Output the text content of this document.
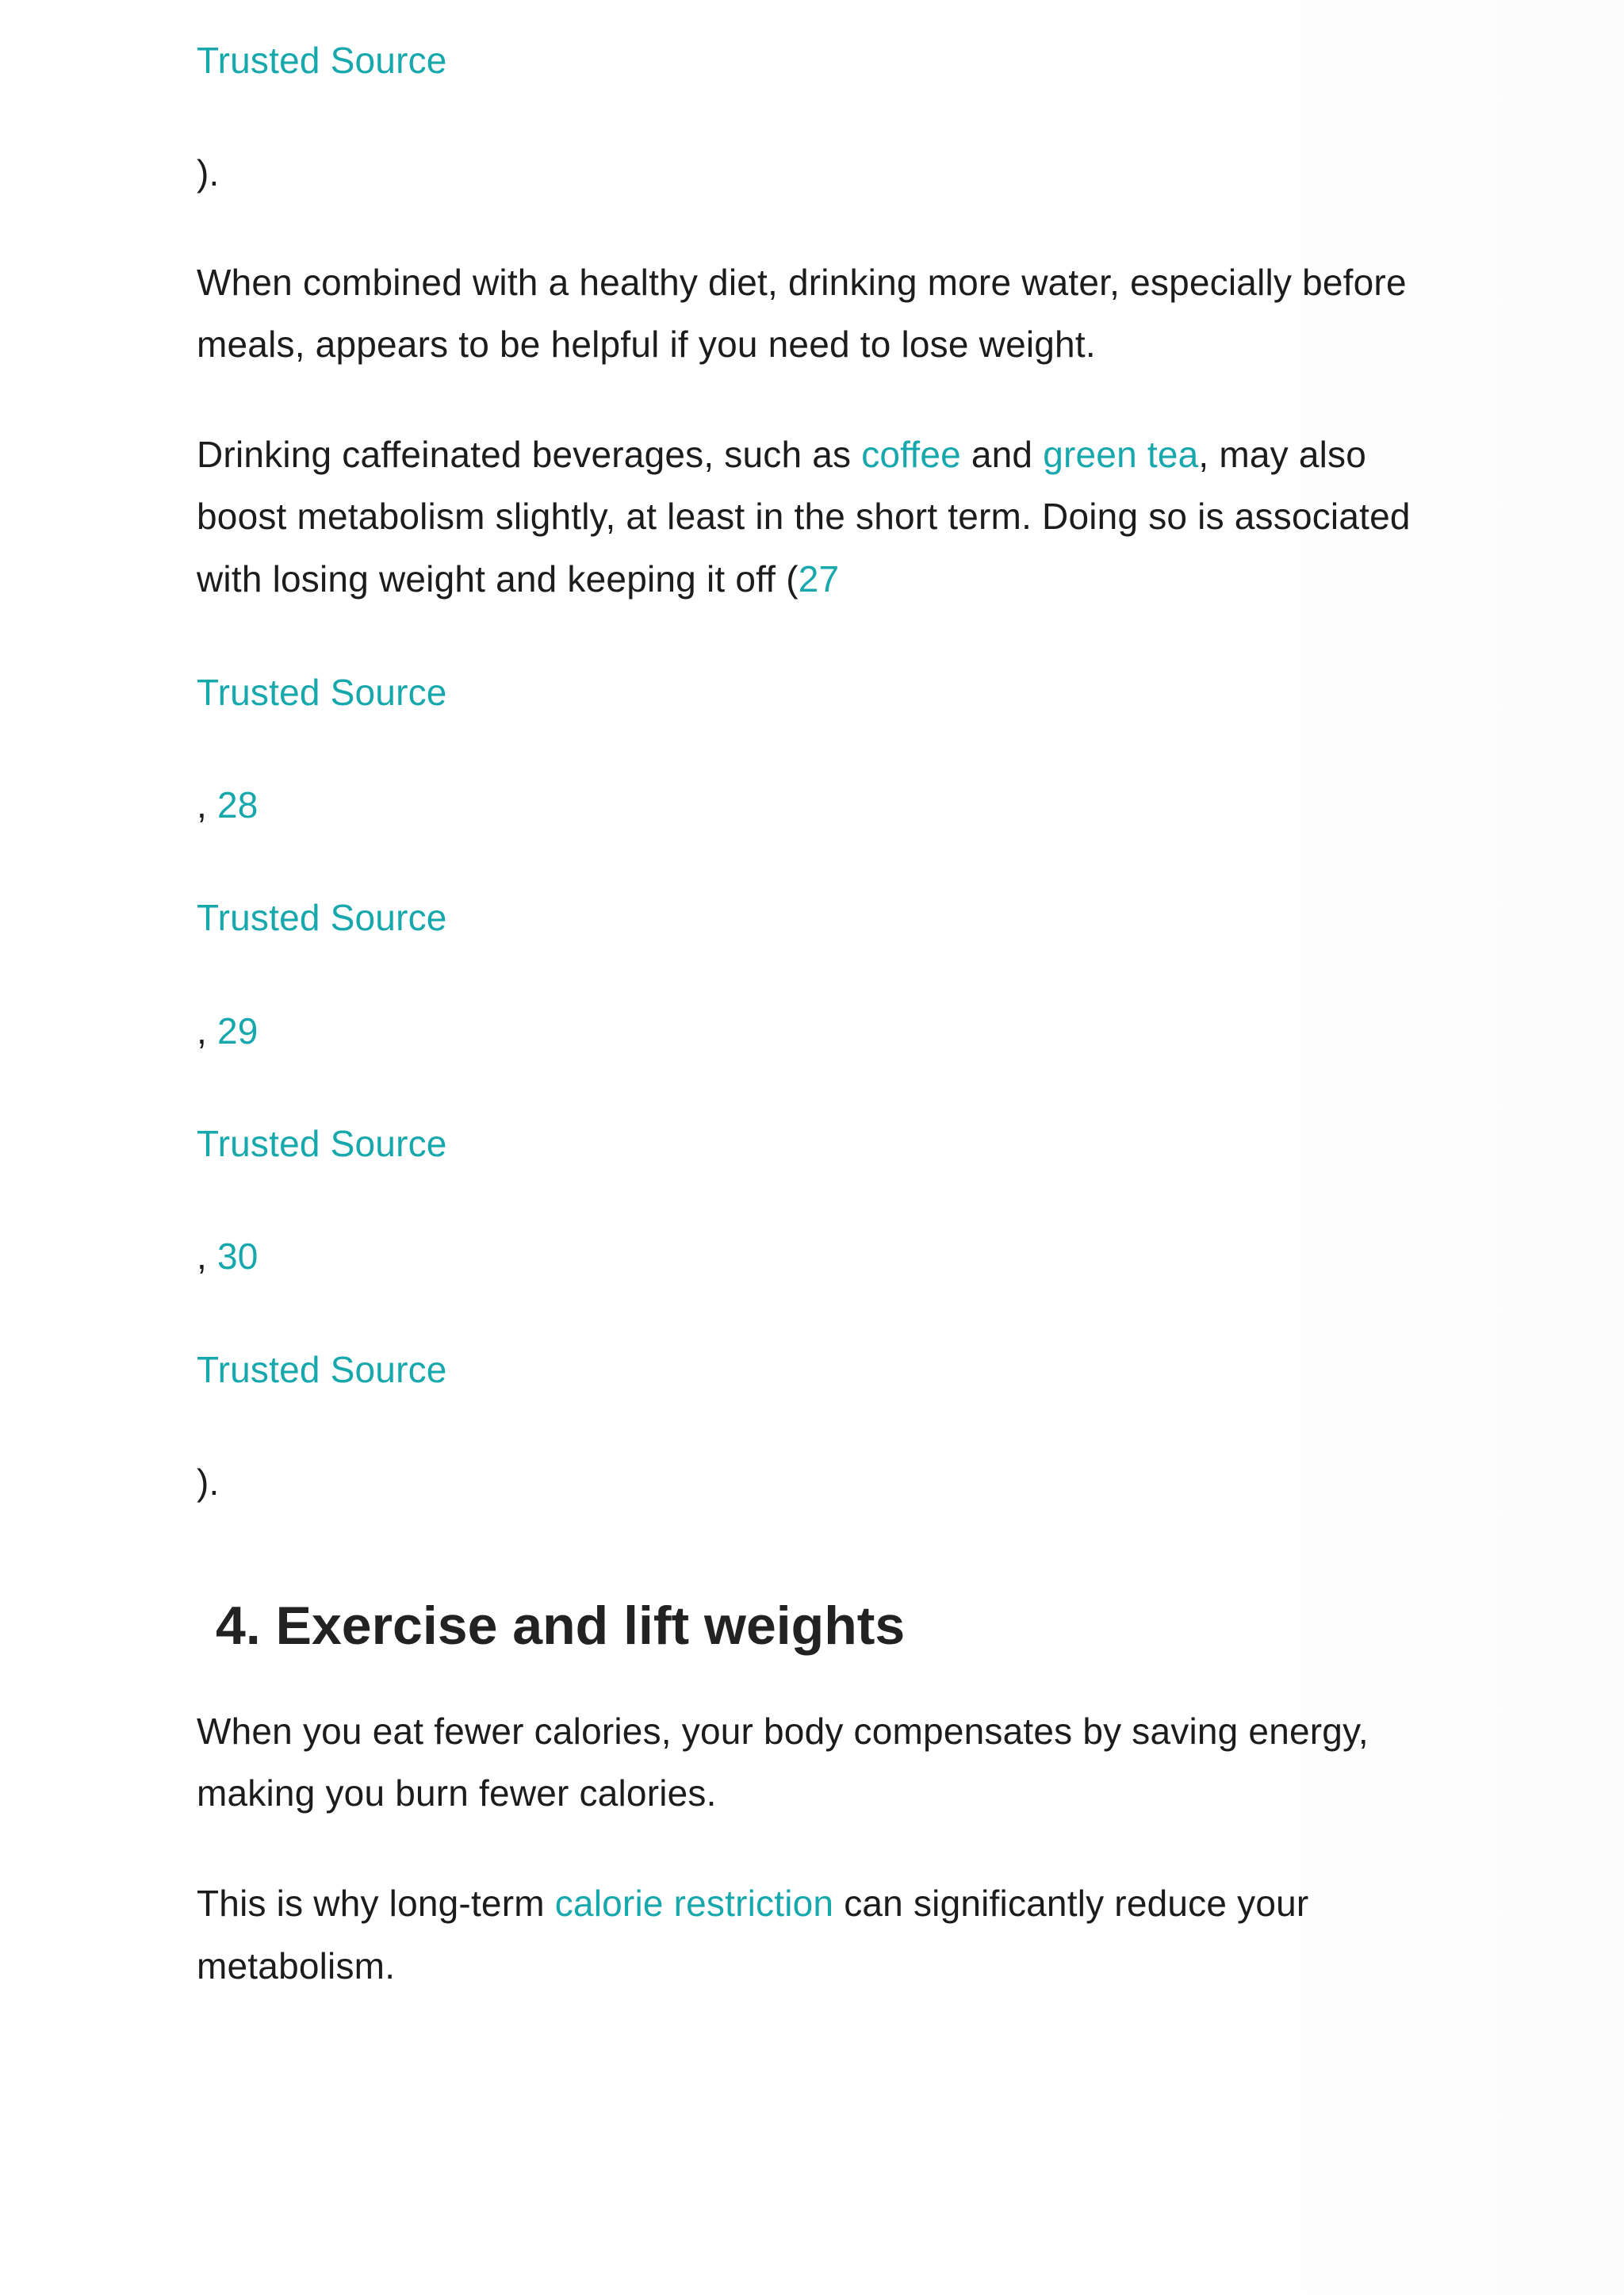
Trusted Source
).
When combined with a healthy diet, drinking more water, especially before
meals, appears to be helpful if you need to lose weight.
Drinking caffeinated beverages, such as coffee and green tea, may also
boost metabolism slightly, at least in the short term. Doing so is associated
with losing weight and keeping it off (27
Trusted Source
, 28
Trusted Source
, 29
Trusted Source
, 30
Trusted Source
).
4. Exercise and lift weights
When you eat fewer calories, your body compensates by saving energy,
making you burn fewer calories.
This is why long-term calorie restriction can significantly reduce your
metabolism.
